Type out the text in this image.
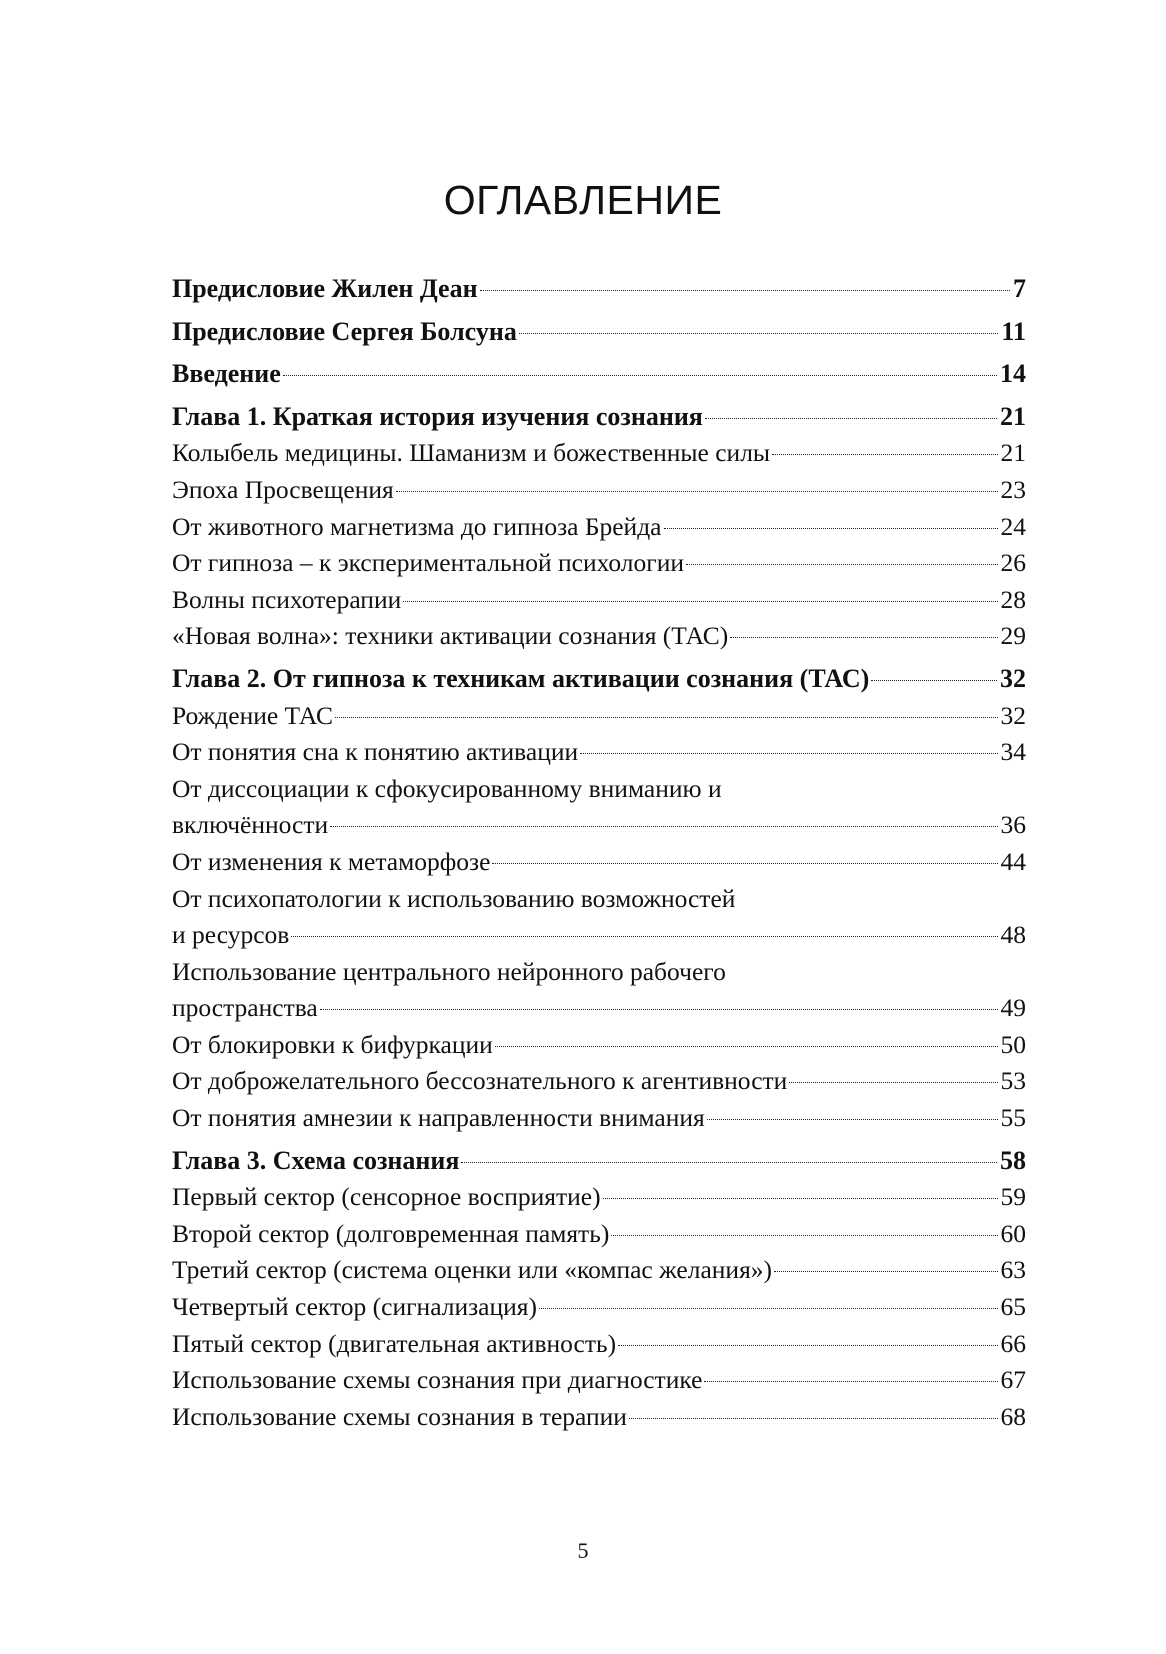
ОГЛАВЛЕНИЕ
Предисловие Жилен Деан	7
Предисловие Сергея Болсуна	11
Введение	14
Глава 1. Краткая история изучения сознания	21
Колыбель медицины. Шаманизм и божественные силы	21
Эпоха Просвещения	23
От животного магнетизма до гипноза Брейда	24
От гипноза – к экспериментальной психологии	26
Волны психотерапии	28
«Новая волна»: техники активации сознания (ТАС)	29
Глава 2. От гипноза к техникам активации сознания (ТАС)	32
Рождение ТАС	32
От понятия сна к понятию активации	34
От диссоциации к сфокусированному вниманию и
включённости	36
От изменения к метаморфозе	44
От психопатологии к использованию возможностей
и ресурсов	48
Использование центрального нейронного рабочего
пространства	49
От блокировки к бифуркации	50
От доброжелательного бессознательного к агентивности	53
От понятия амнезии к направленности внимания	55
Глава 3. Схема сознания	58
Первый сектор (сенсорное восприятие)	59
Второй сектор (долговременная память)	60
Третий сектор (система оценки или «компас желания»)	63
Четвертый сектор (сигнализация)	65
Пятый сектор (двигательная активность)	66
Использование схемы сознания при диагностике	67
Использование схемы сознания в терапии	68
5
